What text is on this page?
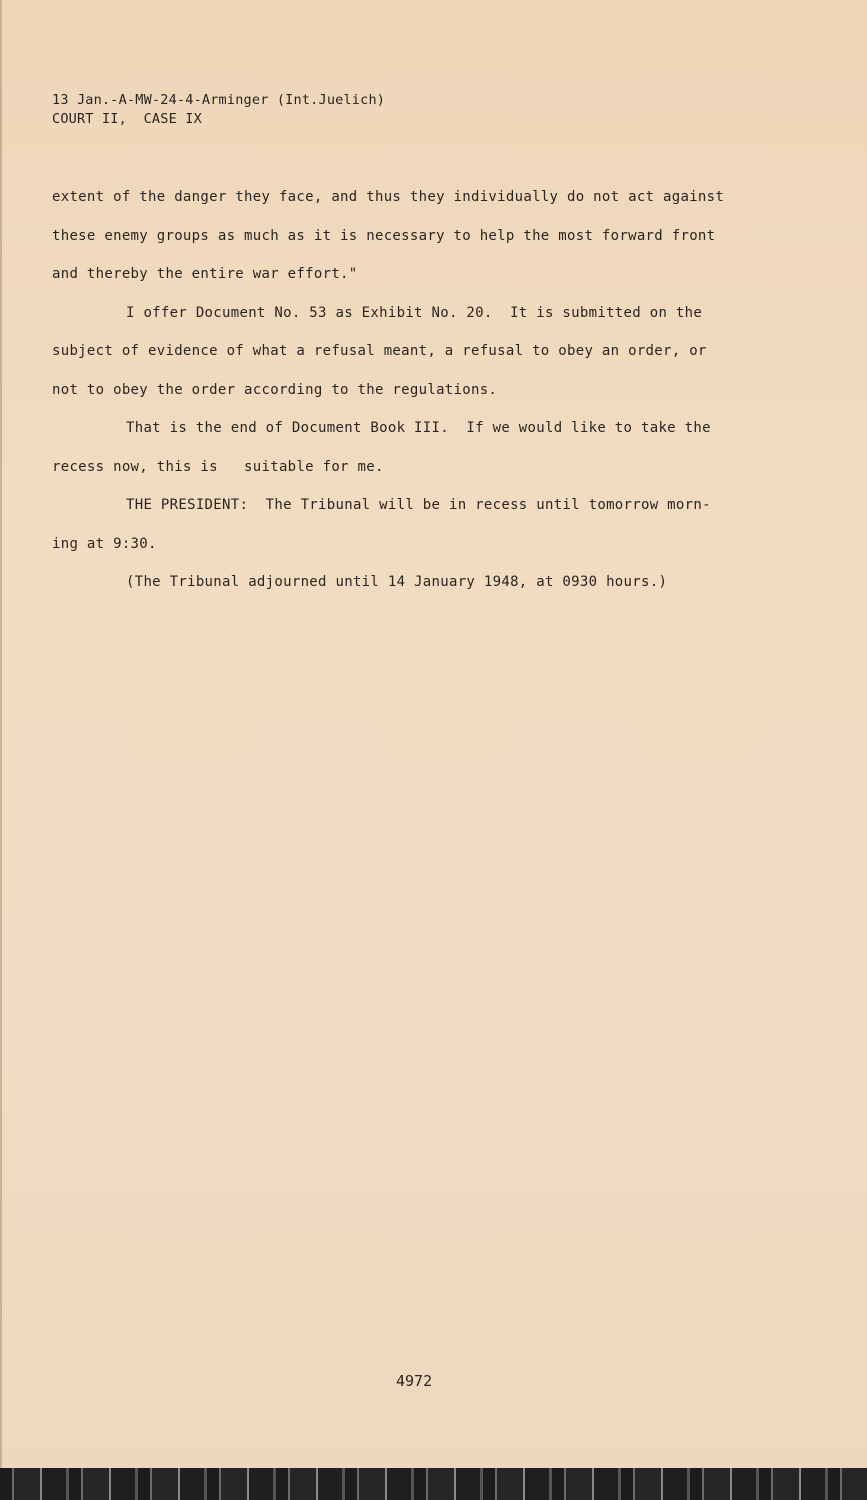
13 Jan.-A-MW-24-4-Arminger (Int.Juelich)
COURT II,  CASE IX
extent of the danger they face, and thus they individually do not act against
these enemy groups as much as it is necessary to help the most forward front
and thereby the entire war effort."
I offer Document No. 53 as Exhibit No. 20.  It is submitted on the
subject of evidence of what a refusal meant, a refusal to obey an order, or
not to obey the order according to the regulations.
That is the end of Document Book III.  If we would like to take the
recess now, this is   suitable for me.
THE PRESIDENT:  The Tribunal will be in recess until tomorrow morn-
ing at 9:30.
(The Tribunal adjourned until 14 January 1948, at 0930 hours.)
4972
